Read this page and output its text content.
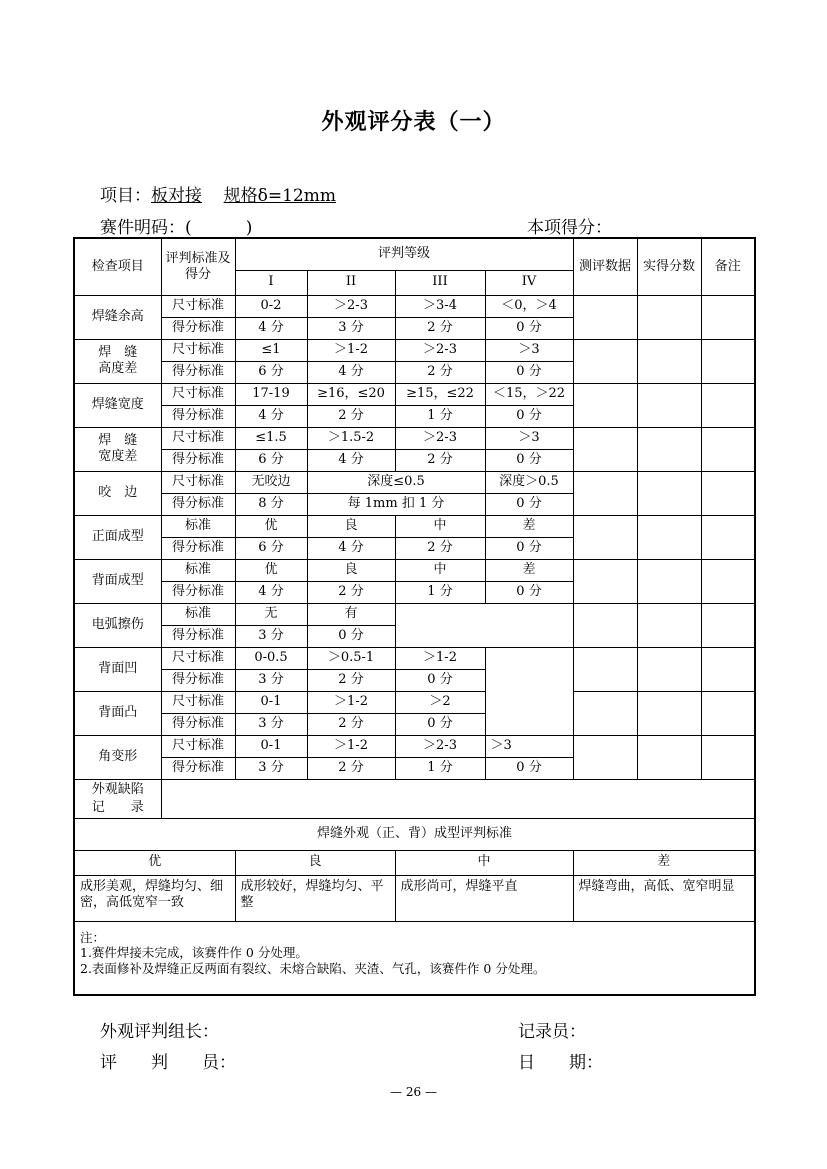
外观评分表（一）
项目：板对接 规格δ=12mm
赛件明码：(	)	本项得分：
检查项目	评判标准及得分	评判等级				测评数据	实得分数	备注
		I	II	III	IV			
焊缝余高	尺寸标准	0-2	＞2-3	＞3-4	＜0，＞4			
	得分标准	4 分	3 分	2 分	0 分			
焊　缝
高度差	尺寸标准	≤1	＞1-2	＞2-3	＞3			
	得分标准	6 分	4 分	2 分	0 分			
焊缝宽度	尺寸标准	17-19	≥16，≤20	≥15，≤22	＜15，＞22			
	得分标准	4 分	2 分	1 分	0 分			
焊　缝
宽度差	尺寸标准	≤1.5	＞1.5-2	＞2-3	＞3			
	得分标准	6 分	4 分	2 分	0 分			
咬　边	尺寸标准	无咬边	深度≤0.5		深度＞0.5			
	得分标准	8 分	每 1mm 扣 1 分		0 分			
正面成型	标准	优	良	中	差			
	得分标准	6 分	4 分	2 分	0 分			
背面成型	标准	优	良	中	差			
	得分标准	4 分	2 分	1 分	0 分			
电弧擦伤	标准	无	有					
	得分标准	3 分	0 分					
背面凹	尺寸标准	0-0.5	＞0.5-1	＞1-2				
	得分标准	3 分	2 分	0 分				
背面凸	尺寸标准	0-1	＞1-2	＞2				
	得分标准	3 分	2 分	0 分				
角变形	尺寸标准	0-1	＞1-2	＞2-3	＞3			
	得分标准	3 分	2 分	1 分	0 分			
外观缺陷
记　　录								
焊缝外观（正、背）成型评判标准								
优		良		中		差		
成形美观，焊缝均匀、细密，高低宽窄一致		成形较好，焊缝均匀、平整		成形尚可，焊缝平直		焊缝弯曲，高低、宽窄明显		

注：
1.赛件焊接未完成，该赛件作 0 分处理。
2.表面修补及焊缝正反两面有裂纹、未熔合缺陷、夹渣、气孔，该赛件作 0 分处理。								
外观评判组长：	记录员：
评　　判　　员：	日　　期：
— 26 —
